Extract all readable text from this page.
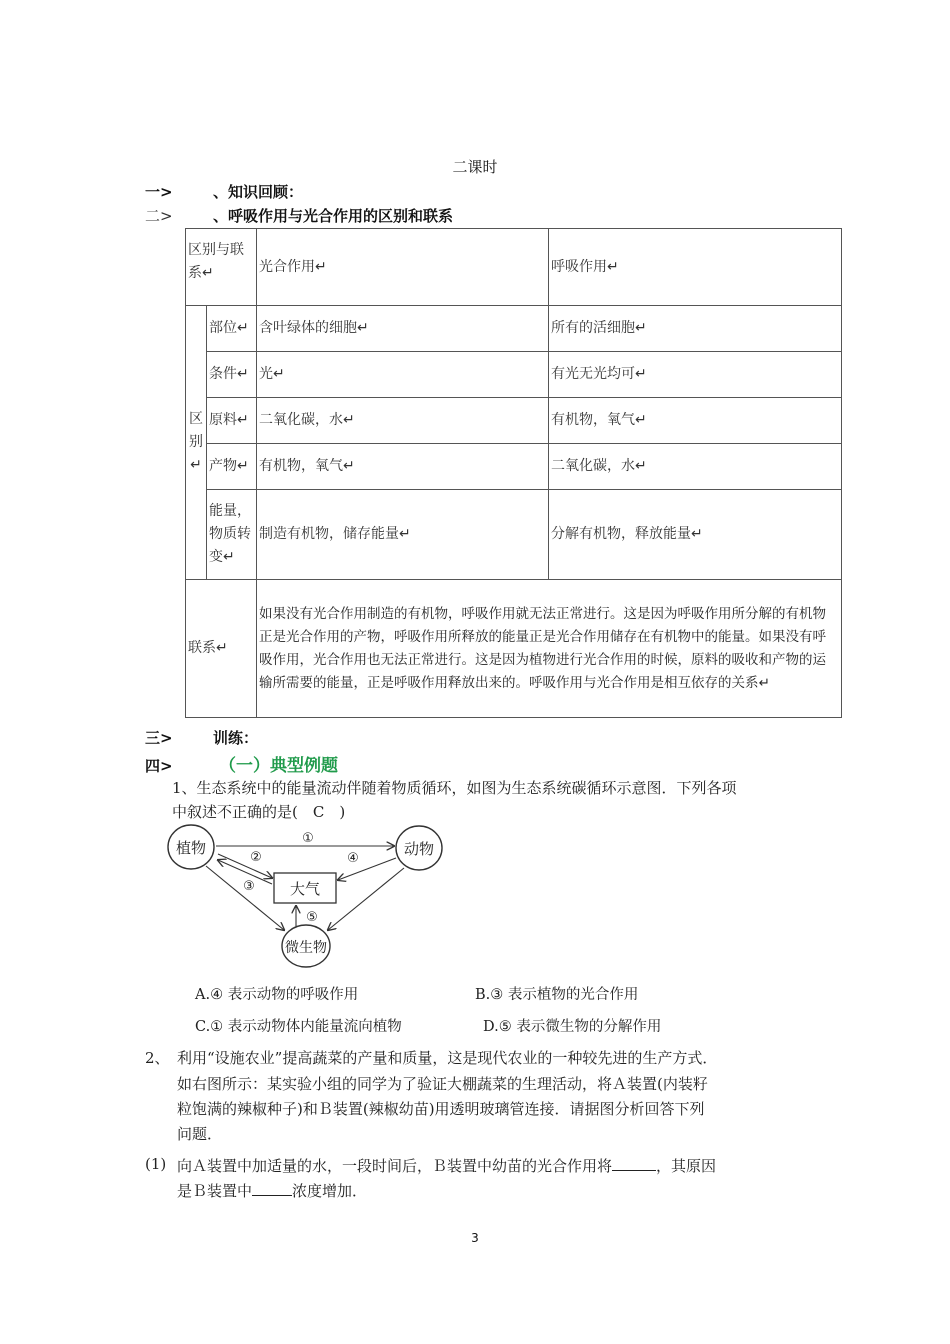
二课时
一>	、知识回顾：
二>	、呼吸作用与光合作用的区别和联系
区别与联系↵		光合作用↵	呼吸作用↵
区别↵	部位↵	含叶绿体的细胞↵	所有的活细胞↵
	条件↵	光↵	有光无光均可↵
	原料↵	二氧化碳，水↵	有机物，氧气↵
	产物↵	有机物，氧气↵	二氧化碳，水↵
	能量，物质转变↵	制造有机物，储存能量↵	分解有机物，释放能量↵
联系↵		如果没有光合作用制造的有机物，呼吸作用就无法正常进行。这是因为呼吸作用所分解的有机物正是光合作用的产物，呼吸作用所释放的能量正是光合作用储存在有机物中的能量。如果没有呼吸作用，光合作用也无法正常进行。这是因为植物进行光合作用的时候，原料的吸收和产物的运输所需要的能量，正是呼吸作用释放出来的。呼吸作用与光合作用是相互依存的关系↵	
三>	训练：
四>	（一）典型例题
1、生态系统中的能量流动伴随着物质循环，如图为生态系统碳循环示意图．下列各项
中叙述不正确的是(　C　)
植物	动物
大气
微生物
①
②	④
③
⑤
A.④ 表示动物的呼吸作用	B.③ 表示植物的光合作用
C.① 表示动物体内能量流向植物	D.⑤ 表示微生物的分解作用
2、 利用“设施农业”提高蔬菜的产量和质量，这是现代农业的一种较先进的生产方式．
如右图所示：某实验小组的同学为了验证大棚蔬菜的生理活动，将Ａ装置(内装籽
粒饱满的辣椒种子)和Ｂ装置(辣椒幼苗)用透明玻璃管连接．请据图分析回答下列
问题．
(1) 向Ａ装置中加适量的水，一段时间后，Ｂ装置中幼苗的光合作用将	，其原因
是Ｂ装置中	浓度增加．
3
